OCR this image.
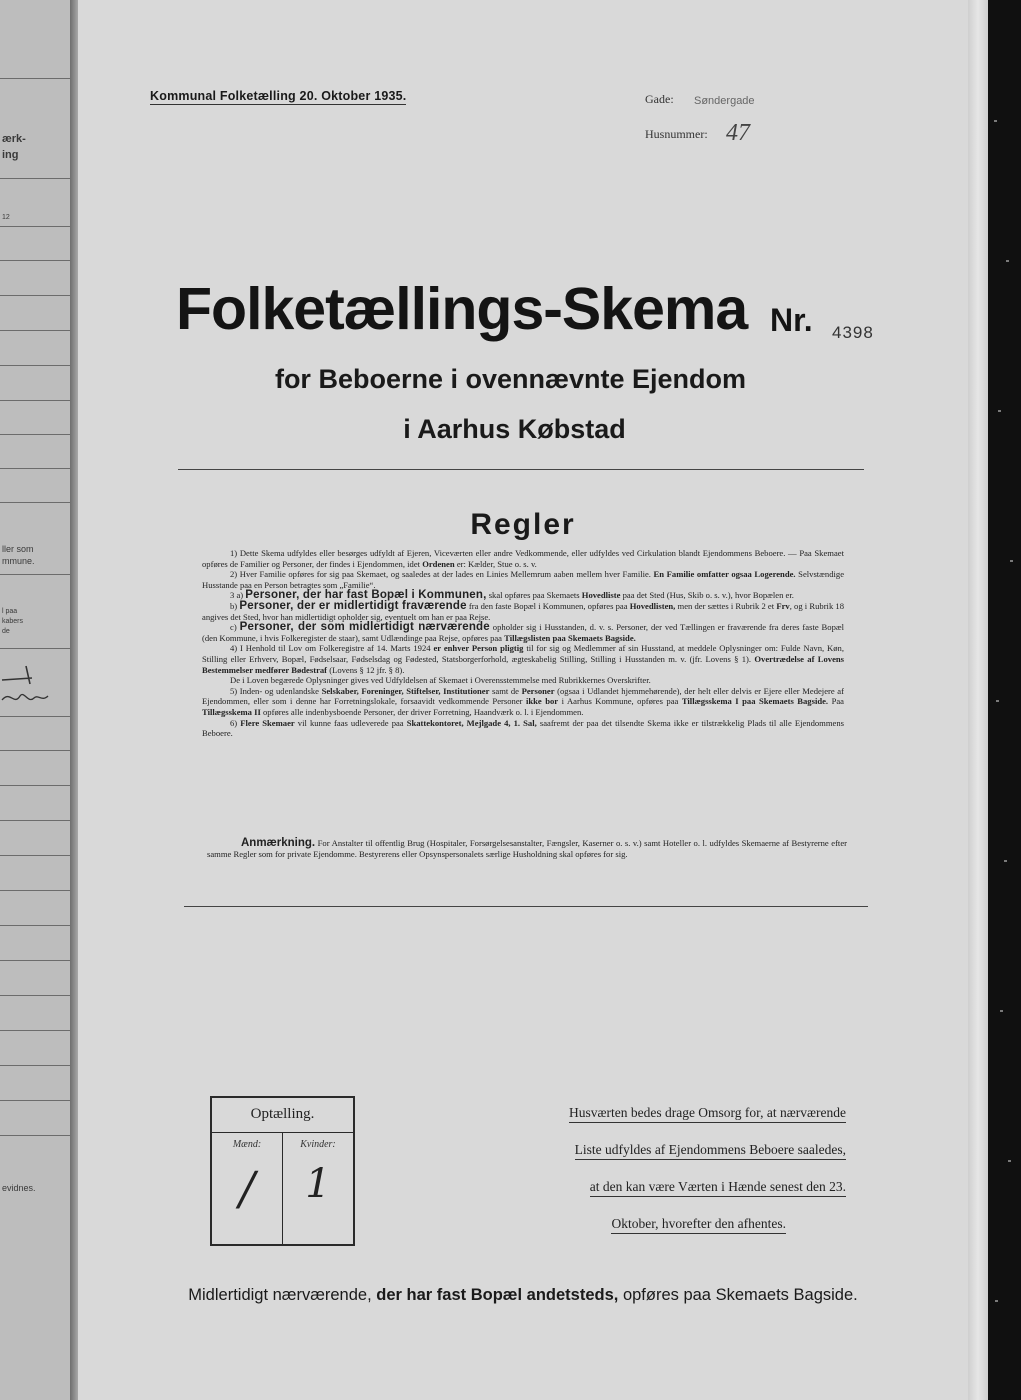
ærk-
ing
12
ller som
mmune.
l paa
kabers
de
evidnes.
Kommunal Folketælling 20. Oktober 1935.	Gade: Søndergade
Husnummer: 47
Folketællings-Skema Nr. 4398
for Beboerne i ovennævnte Ejendom
i Aarhus Købstad
Regler

1) Dette Skema udfyldes eller besørges udfyldt af Ejeren, Viceværten eller andre Vedkommende, eller udfyldes ved Cirkulation blandt Ejendommens Beboere. — Paa Skemaet opføres de Familier og Personer, der findes i Ejendommen, idet Ordenen er: Kælder, Stue o. s. v.

2) Hver Familie opføres for sig paa Skemaet, og saaledes at der lades en Linies Mellemrum aaben mellem hver Familie. En Familie omfatter ogsaa Logerende. Selvstændige Husstande paa en Person betragtes som „Familie“.

3 a) Personer, der har fast Bopæl i Kommunen, skal opføres paa Skemaets Hovedliste paa det Sted (Hus, Skib o. s. v.), hvor Bopælen er.

b) Personer, der er midlertidigt fraværende fra den faste Bopæl i Kommunen, opføres paa Hovedlisten, men der sættes i Rubrik 2 et Frv, og i Rubrik 18 angives det Sted, hvor han midlertidigt opholder sig, eventuelt om han er paa Rejse.

c) Personer, der som midlertidigt nærværende opholder sig i Husstanden, d. v. s. Personer, der ved Tællingen er fraværende fra deres faste Bopæl (den Kommune, i hvis Folkeregister de staar), samt Udlændinge paa Rejse, opføres paa Tillægslisten paa Skemaets Bagside.

4) I Henhold til Lov om Folkeregistre af 14. Marts 1924 er enhver Person pligtig til for sig og Medlemmer af sin Husstand, at meddele Oplysninger om: Fulde Navn, Køn, Stilling eller Erhverv, Bopæl, Fødselsaar, Fødselsdag og Fødested, Statsborgerforhold, ægteskabelig Stilling, Stilling i Husstanden m. v. (jfr. Lovens § 1). Overtrædelse af Lovens Bestemmelser medfører Bødestraf (Lovens § 12 jfr. § 8).

De i Loven begærede Oplysninger gives ved Udfyldelsen af Skemaet i Overensstemmelse med Rubrikkernes Overskrifter.

5) Inden- og udenlandske Selskaber, Foreninger, Stiftelser, Institutioner samt de Personer (ogsaa i Udlandet hjemmehørende), der helt eller delvis er Ejere eller Medejere af Ejendommen, eller som i denne har Forretningslokale, forsaavidt vedkommende Personer ikke bor i Aarhus Kommune, opføres paa Tillægsskema I paa Skemaets Bagside. Paa Tillægsskema II opføres alle indenbysboende Personer, der driver Forretning, Haandværk o. l. i Ejendommen.

6) Flere Skemaer vil kunne faas udleverede paa Skattekontoret, Mejlgade 4, 1. Sal, saafremt der paa det tilsendte Skema ikke er tilstrækkelig Plads til alle Ejendommens Beboere.

Anmærkning. For Anstalter til offentlig Brug (Hospitaler, Forsørgelsesanstalter, Fængsler, Kaserner o. s. v.) samt Hoteller o. l. udfyldes Skemaerne af Bestyrerne efter samme Regler som for private Ejendomme. Bestyrerens eller Opsynspersonalets særlige Husholdning skal opføres for sig.
Optælling.
Mænd:	Kvinder:
/	1
Husværten bedes drage Omsorg for, at nærværende
Liste udfyldes af Ejendommens Beboere saaledes,
at den kan være Værten i Hænde senest den 23.
Oktober, hvorefter den afhentes.
Midlertidigt nærværende, der har fast Bopæl andetsteds, opføres paa Skemaets Bagside.
